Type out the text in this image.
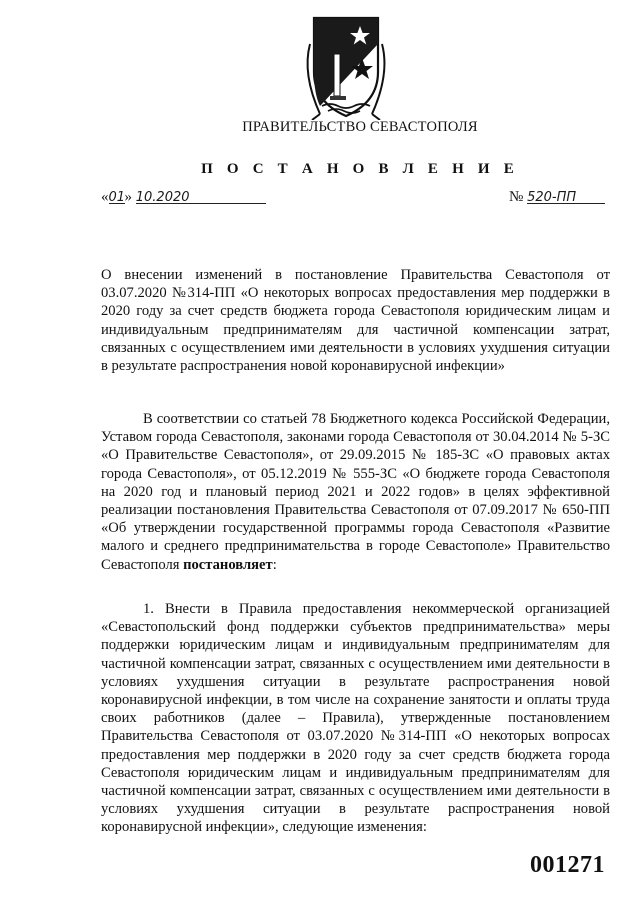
ПРАВИТЕЛЬСТВО СЕВАСТОПОЛЯ
П О С Т А Н О В Л Е Н И Е
«01» 10.2020	№ 520-ПП

О внесении изменений в постановление Правительства Севастополя от 03.07.2020 №314-ПП «О некоторых вопросах предоставления мер поддержки в 2020 году за счет средств бюджета города Севастополя юридическим лицам и индивидуальным предпринимателям для частичной компенсации затрат, связанных с осуществлением ими деятельности в условиях ухудшения ситуации в результате распространения новой коронавирусной инфекции»

В соответствии со статьей 78 Бюджетного кодекса Российской Федерации, Уставом города Севастополя, законами города Севастополя от 30.04.2014 № 5-ЗС «О Правительстве Севастополя», от 29.09.2015 № 185-ЗС «О правовых актах города Севастополя», от 05.12.2019 № 555-ЗС «О бюджете города Севастополя на 2020 год и плановый период 2021 и 2022 годов» в целях эффективной реализации постановления Правительства Севастополя от 07.09.2017 № 650-ПП «Об утверждении государственной программы города Севастополя «Развитие малого и среднего предпринимательства в городе Севастополе» Правительство Севастополя постановляет:

1. Внести в Правила предоставления некоммерческой организацией «Севастопольский фонд поддержки субъектов предпринимательства» меры поддержки юридическим лицам и индивидуальным предпринимателям для частичной компенсации затрат, связанных с осуществлением ими деятельности в условиях ухудшения ситуации в результате распространения новой коронавирусной инфекции, в том числе на сохранение занятости и оплаты труда своих работников (далее – Правила), утвержденные постановлением Правительства Севастополя от 03.07.2020 №314-ПП «О некоторых вопросах предоставления мер поддержки в 2020 году за счет средств бюджета города Севастополя юридическим лицам и индивидуальным предпринимателям для частичной компенсации затрат, связанных с осуществлением ими деятельности в условиях ухудшения ситуации в результате распространения новой коронавирусной инфекции», следующие изменения:

001271
